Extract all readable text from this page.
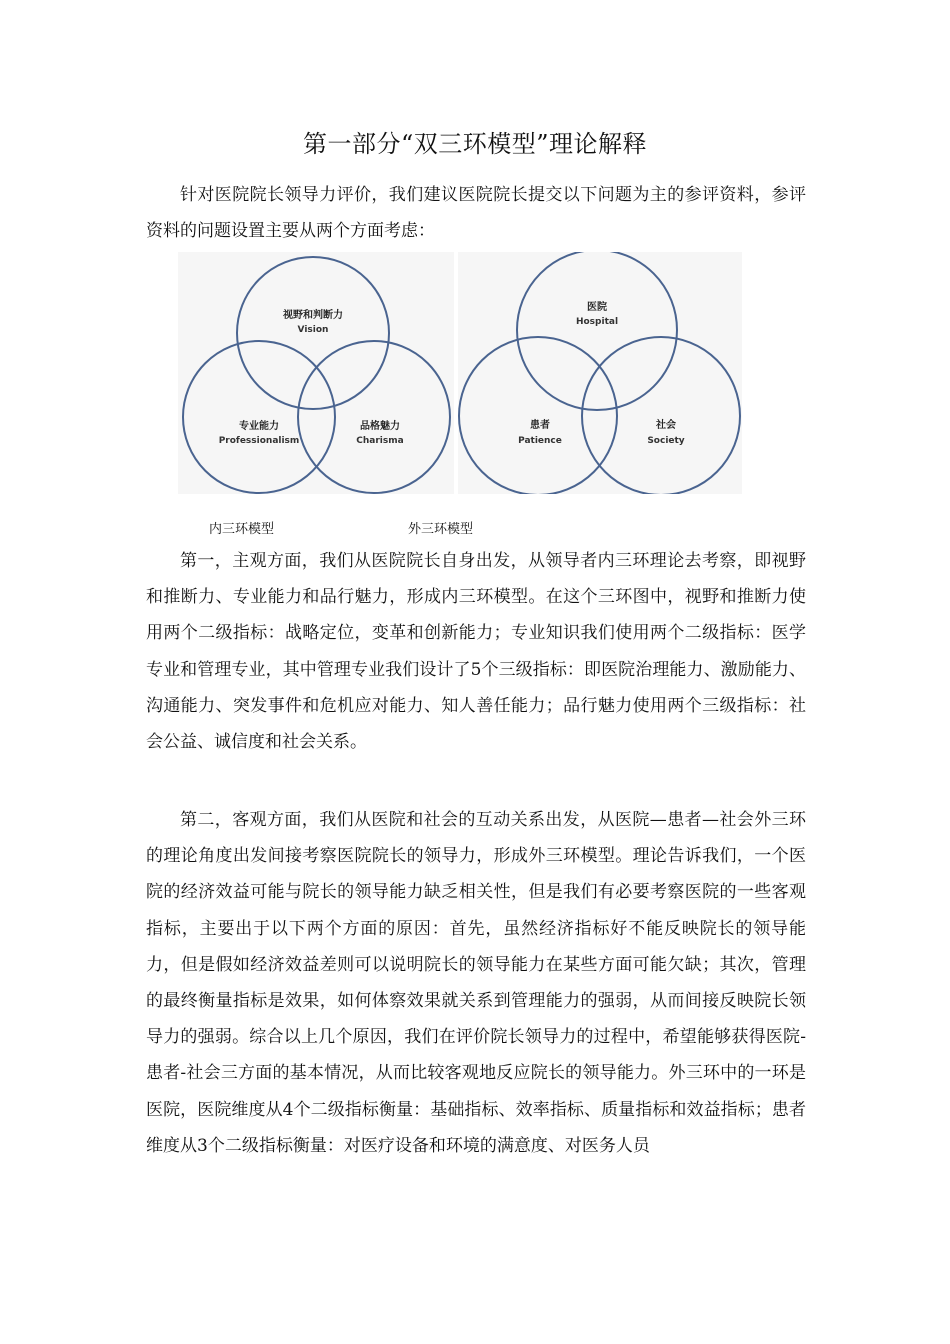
第一部分“双三环模型”理论解释

针对医院院长领导力评价，我们建议医院院长提交以下问题为主的参评资料，参评资料的问题设置主要从两个方面考虑：

视野和判断力
Vision
专业能力
Professionalism
品格魅力
Charisma
医院
Hospital
患者
Patience
社会
Society
内三环模型	外三环模型

第一，主观方面，我们从医院院长自身出发，从领导者内三环理论去考察，即视野和推断力、专业能力和品行魅力，形成内三环模型。在这个三环图中，视野和推断力使用两个二级指标：战略定位，变革和创新能力；专业知识我们使用两个二级指标：医学专业和管理专业，其中管理专业我们设计了5个三级指标：即医院治理能力、激励能力、沟通能力、突发事件和危机应对能力、知人善任能力；品行魅力使用两个三级指标：社会公益、诚信度和社会关系。

第二，客观方面，我们从医院和社会的互动关系出发，从医院—患者—社会外三环的理论角度出发间接考察医院院长的领导力，形成外三环模型。理论告诉我们，一个医院的经济效益可能与院长的领导能力缺乏相关性，但是我们有必要考察医院的一些客观指标，主要出于以下两个方面的原因：首先，虽然经济指标好不能反映院长的领导能力，但是假如经济效益差则可以说明院长的领导能力在某些方面可能欠缺；其次，管理的最终衡量指标是效果，如何体察效果就关系到管理能力的强弱，从而间接反映院长领导力的强弱。综合以上几个原因，我们在评价院长领导力的过程中，希望能够获得医院-患者-社会三方面的基本情况，从而比较客观地反应院长的领导能力。外三环中的一环是医院，医院维度从4个二级指标衡量：基础指标、效率指标、质量指标和效益指标；患者维度从3个二级指标衡量：对医疗设备和环境的满意度、对医务人员
